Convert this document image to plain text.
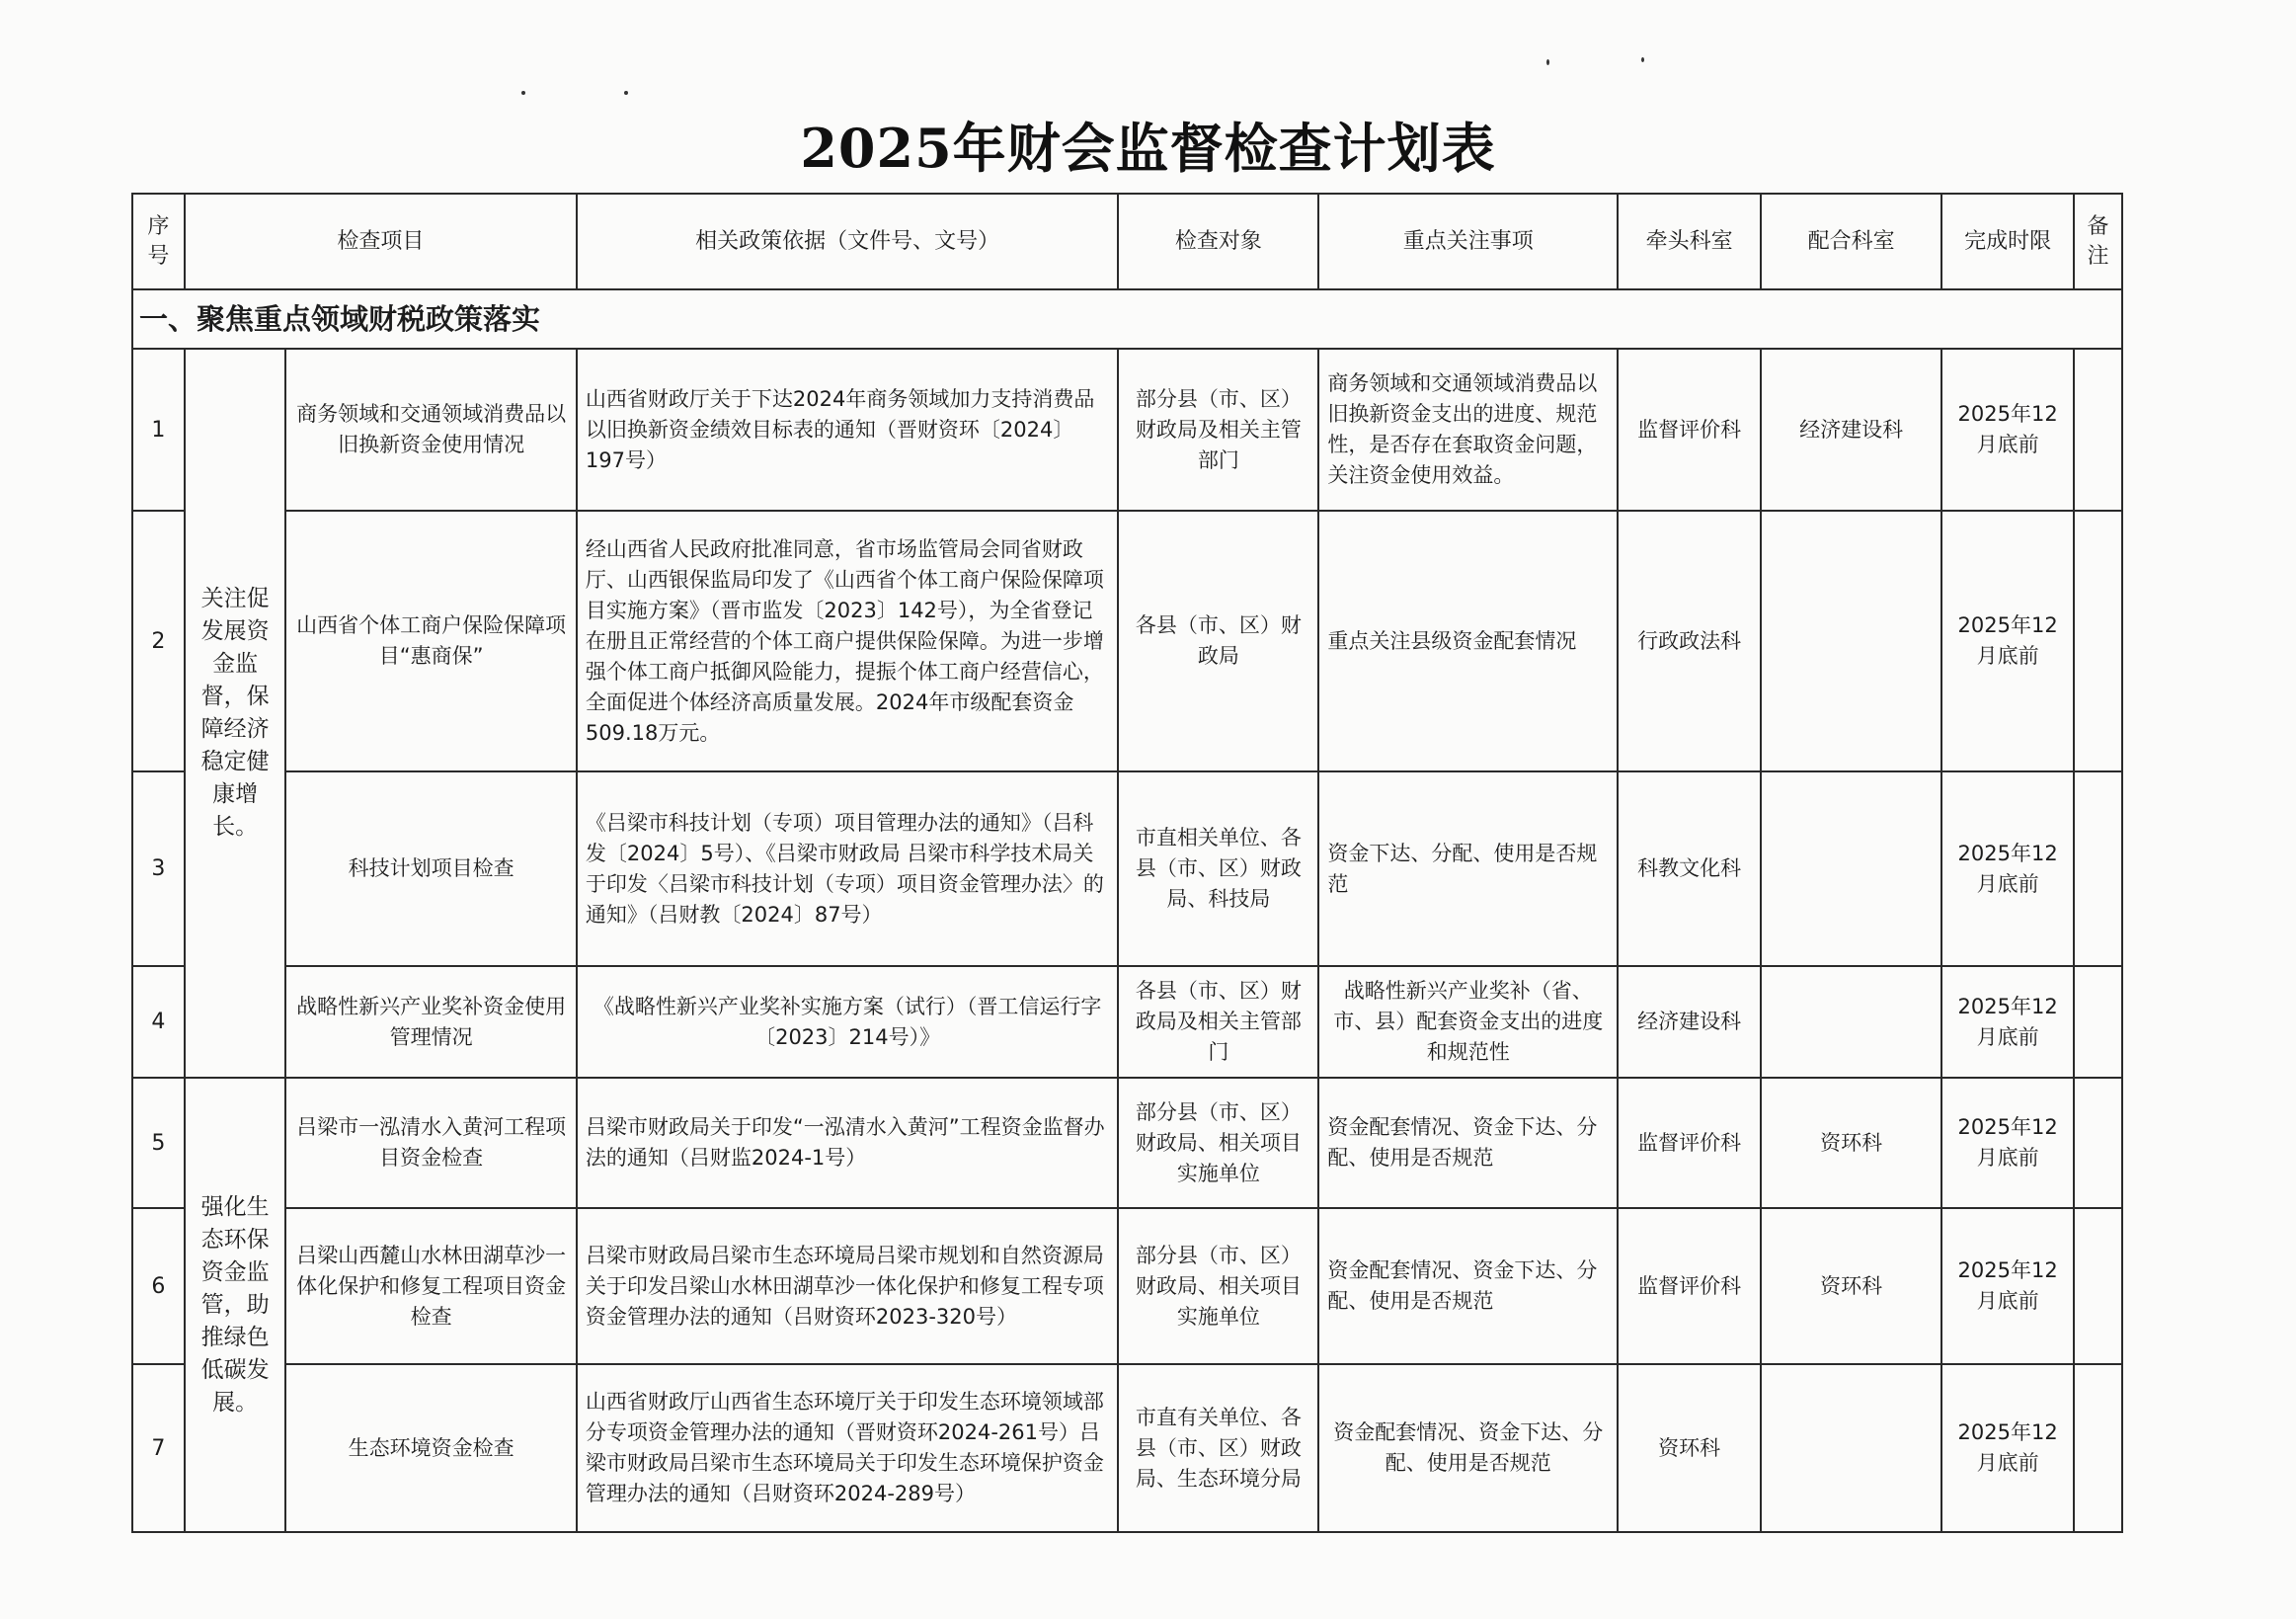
2025年财会监督检查计划表
序号	检查项目		相关政策依据（文件号、文号）	检查对象	重点关注事项	牵头科室	配合科室	完成时限	备注
一、聚焦重点领域财税政策落实									
1	关注促发展资金监督，保障经济稳定健康增长。	商务领域和交通领域消费品以旧换新资金使用情况	山西省财政厅关于下达2024年商务领域加力支持消费品以旧换新资金绩效目标表的通知（晋财资环〔2024〕197号）	部分县（市、区）财政局及相关主管部门	商务领域和交通领域消费品以旧换新资金支出的进度、规范性，是否存在套取资金问题，关注资金使用效益。	监督评价科	经济建设科	2025年12月底前	
2		山西省个体工商户保险保障项目“惠商保”	经山西省人民政府批准同意，省市场监管局会同省财政厅、山西银保监局印发了《山西省个体工商户保险保障项目实施方案》（晋市监发〔2023〕142号），为全省登记在册且正常经营的个体工商户提供保险保障。为进一步增强个体工商户抵御风险能力，提振个体工商户经营信心，全面促进个体经济高质量发展。2024年市级配套资金509.18万元。	各县（市、区）财政局	重点关注县级资金配套情况	行政政法科		2025年12月底前	
3		科技计划项目检查	《吕梁市科技计划（专项）项目管理办法的通知》（吕科发〔2024〕5号）、《吕梁市财政局 吕梁市科学技术局关于印发〈吕梁市科技计划（专项）项目资金管理办法〉的通知》（吕财教〔2024〕87号）	市直相关单位、各县（市、区）财政局、科技局	资金下达、分配、使用是否规范	科教文化科		2025年12月底前	
4		战略性新兴产业奖补资金使用管理情况	《战略性新兴产业奖补实施方案（试行）（晋工信运行字〔2023〕214号）》	各县（市、区）财政局及相关主管部门	战略性新兴产业奖补（省、市、县）配套资金支出的进度和规范性	经济建设科		2025年12月底前	
5	强化生态环保资金监管，助推绿色低碳发展。	吕梁市一泓清水入黄河工程项目资金检查	吕梁市财政局关于印发“一泓清水入黄河”工程资金监督办法的通知（吕财监2024-1号）	部分县（市、区）财政局、相关项目实施单位	资金配套情况、资金下达、分配、使用是否规范	监督评价科	资环科	2025年12月底前	
6		吕梁山西麓山水林田湖草沙一体化保护和修复工程项目资金检查	吕梁市财政局吕梁市生态环境局吕梁市规划和自然资源局关于印发吕梁山水林田湖草沙一体化保护和修复工程专项资金管理办法的通知（吕财资环2023-320号）	部分县（市、区）财政局、相关项目实施单位	资金配套情况、资金下达、分配、使用是否规范	监督评价科	资环科	2025年12月底前	
7		生态环境资金检查	山西省财政厅山西省生态环境厅关于印发生态环境领域部分专项资金管理办法的通知（晋财资环2024-261号）吕梁市财政局吕梁市生态环境局关于印发生态环境保护资金管理办法的通知（吕财资环2024-289号）	市直有关单位、各县（市、区）财政局、生态环境分局	资金配套情况、资金下达、分配、使用是否规范	资环科		2025年12月底前	
